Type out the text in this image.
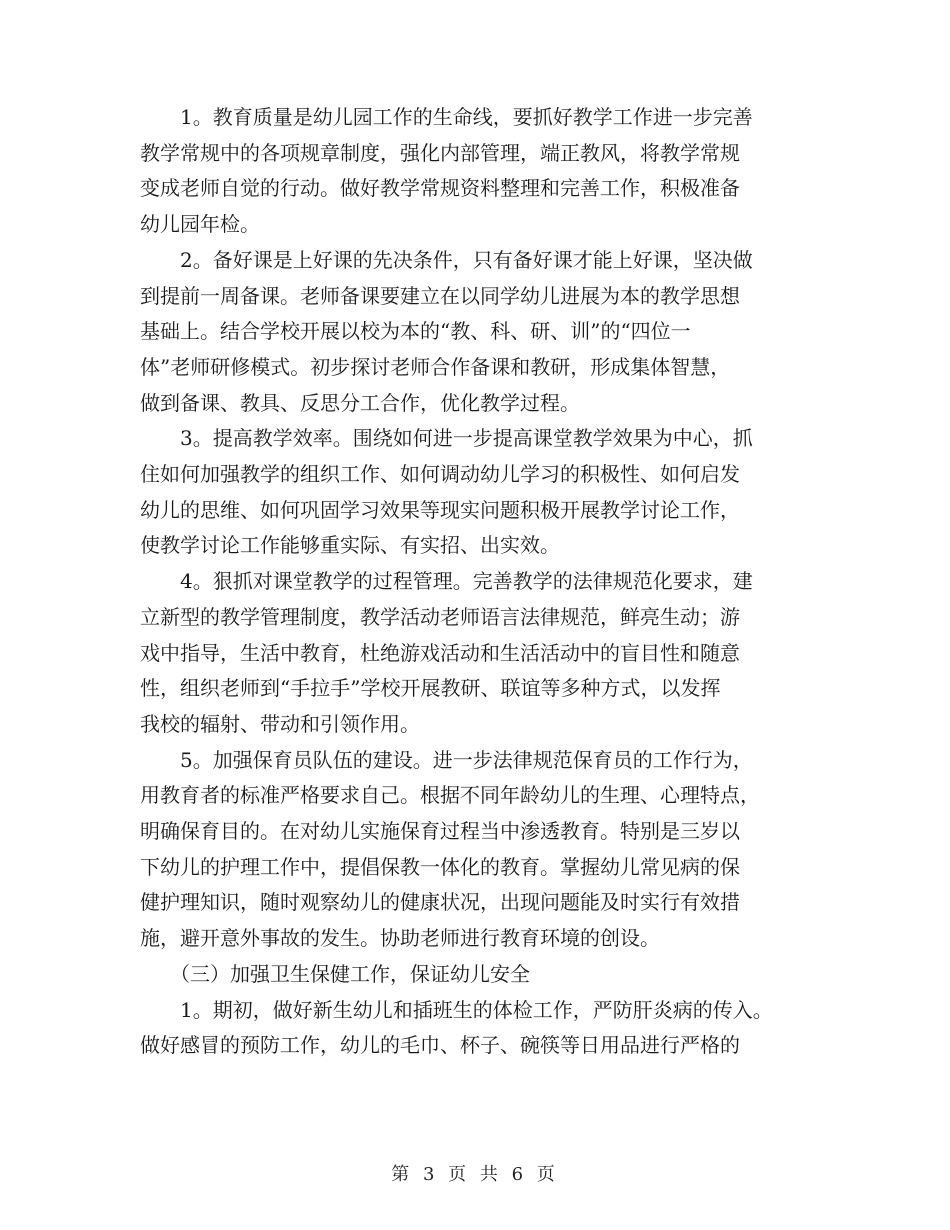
　　1。教育质量是幼儿园工作的生命线，要抓好教学工作进一步完善
教学常规中的各项规章制度，强化内部管理，端正教风，将教学常规
变成老师自觉的行动。做好教学常规资料整理和完善工作，积极准备
幼儿园年检。

　　2。备好课是上好课的先决条件，只有备好课才能上好课，坚决做
到提前一周备课。老师备课要建立在以同学幼儿进展为本的教学思想
基础上。结合学校开展以校为本的“教、科、研、训”的“四位一
体”老师研修模式。初步探讨老师合作备课和教研，形成集体智慧，
做到备课、教具、反思分工合作，优化教学过程。

　　3。提高教学效率。围绕如何进一步提高课堂教学效果为中心，抓
住如何加强教学的组织工作、如何调动幼儿学习的积极性、如何启发
幼儿的思维、如何巩固学习效果等现实问题积极开展教学讨论工作，
使教学讨论工作能够重实际、有实招、出实效。

　　4。狠抓对课堂教学的过程管理。完善教学的法律规范化要求，建
立新型的教学管理制度，教学活动老师语言法律规范，鲜亮生动；游
戏中指导，生活中教育，杜绝游戏活动和生活活动中的盲目性和随意
性，组织老师到“手拉手”学校开展教研、联谊等多种方式，以发挥
我校的辐射、带动和引领作用。

　　5。加强保育员队伍的建设。进一步法律规范保育员的工作行为，
用教育者的标准严格要求自己。根据不同年龄幼儿的生理、心理特点，
明确保育目的。在对幼儿实施保育过程当中渗透教育。特别是三岁以
下幼儿的护理工作中，提倡保教一体化的教育。掌握幼儿常见病的保
健护理知识，随时观察幼儿的健康状况，出现问题能及时实行有效措
施，避开意外事故的发生。协助老师进行教育环境的创设。

　　（三）加强卫生保健工作，保证幼儿安全

　　1。期初，做好新生幼儿和插班生的体检工作，严防肝炎病的传入。
做好感冒的预防工作，幼儿的毛巾、杯子、碗筷等日用品进行严格的

第 3 页 共 6 页
